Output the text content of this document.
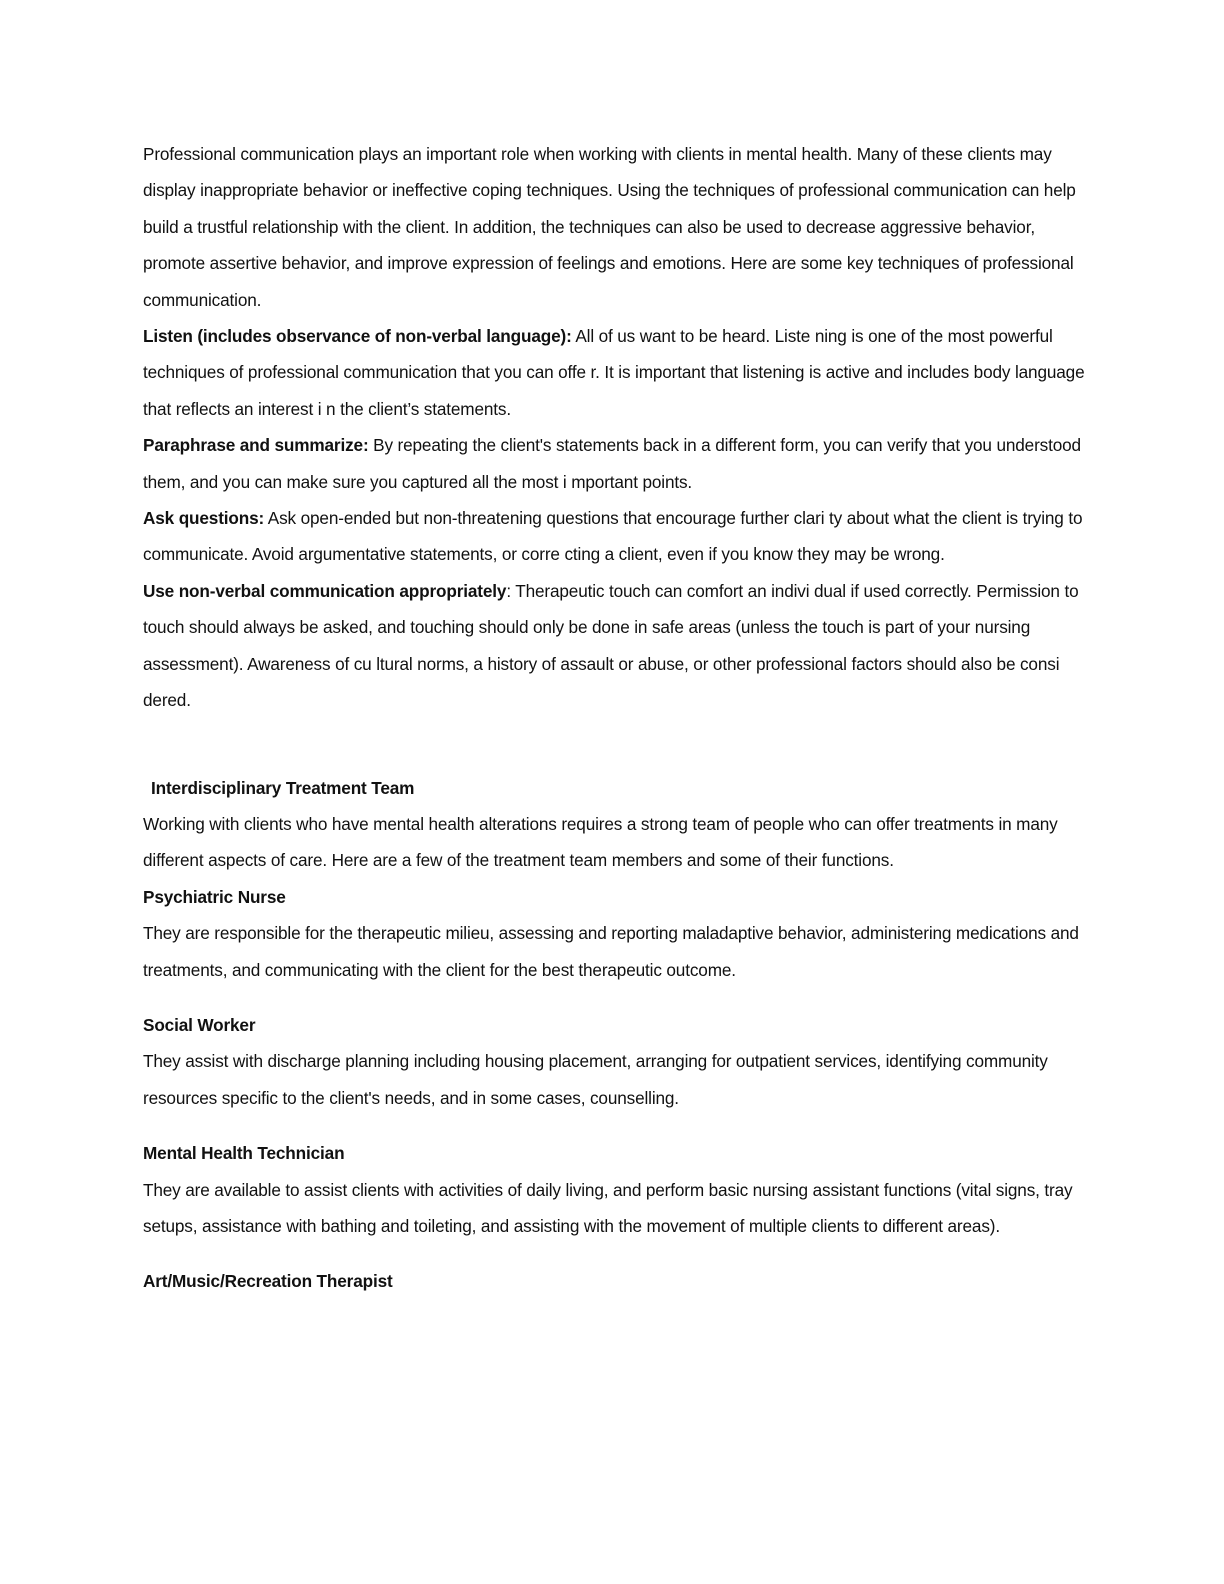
Professional communication plays an important role when working with clients in mental health. Many of these clients may display inappropriate behavior or ineffective coping techniques. Using the techniques of professional communication can help build a trustful relationship with the client. In addition, the techniques can also be used to decrease aggressive behavior, promote assertive behavior, and improve expression of feelings and emotions. Here are some key techniques of professional communication.

Listen (includes observance of non-verbal language): All of us want to be heard. Liste ning is one of the most powerful techniques of professional communication that you can offe r. It is important that listening is active and includes body language that reflects an interest i n the client’s statements.

Paraphrase and summarize: By repeating the client's statements back in a different form, you can verify that you understood them, and you can make sure you captured all the most i mportant points.

Ask questions: Ask open-ended but non-threatening questions that encourage further clari ty about what the client is trying to communicate. Avoid argumentative statements, or corre cting a client, even if you know they may be wrong.

Use non-verbal communication appropriately: Therapeutic touch can comfort an indivi dual if used correctly. Permission to touch should always be asked, and touching should only be done in safe areas (unless the touch is part of your nursing assessment). Awareness of cu ltural norms, a history of assault or abuse, or other professional factors should also be consi dered.

Interdisciplinary Treatment Team

Working with clients who have mental health alterations requires a strong team of people who can offer treatments in many different aspects of care. Here are a few of the treatment team members and some of their functions.

Psychiatric Nurse

They are responsible for the therapeutic milieu, assessing and reporting maladaptive behavior, administering medications and treatments, and communicating with the client for the best therapeutic outcome.

Social Worker

They assist with discharge planning including housing placement, arranging for outpatient services, identifying community resources specific to the client's needs, and in some cases, counselling.

Mental Health Technician

They are available to assist clients with activities of daily living, and perform basic nursing assistant functions (vital signs, tray setups, assistance with bathing and toileting, and assisting with the movement of multiple clients to different areas).

Art/Music/Recreation Therapist
